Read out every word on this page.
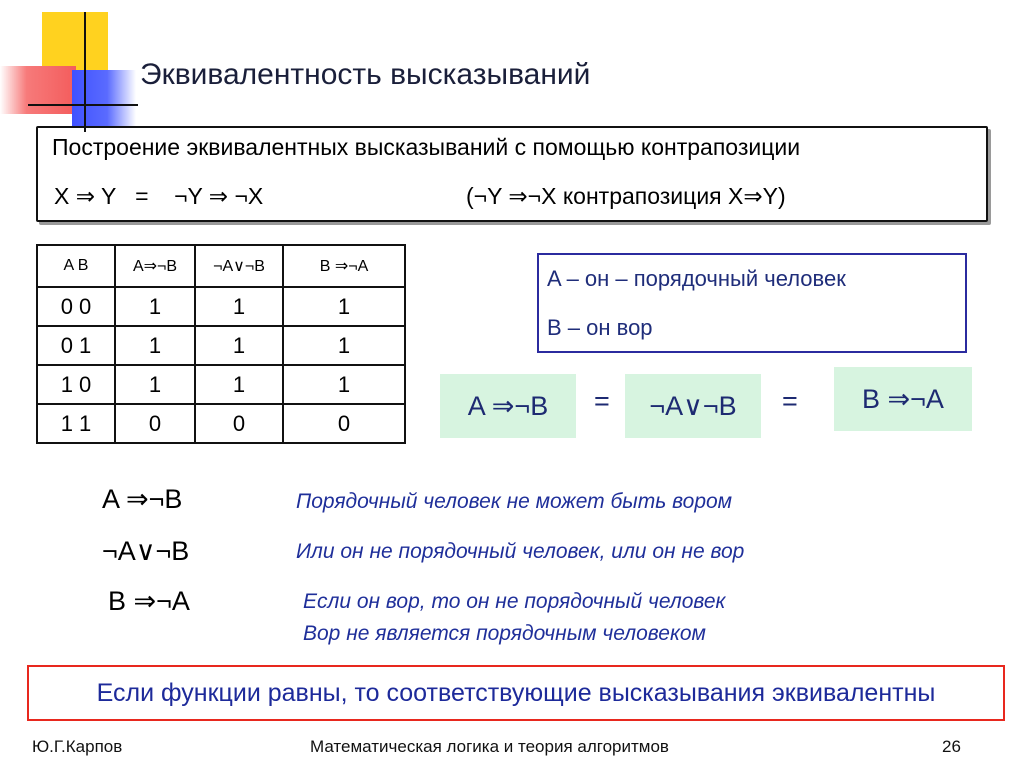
Эквивалентность высказываний
Построение эквивалентных высказываний с помощью контрапозиции
X ⇒ Y   =    ¬Y ⇒ ¬X	(¬Y ⇒¬X контрапозиция X⇒Y)
A B	A⇒¬B	¬A∨¬B	B ⇒¬A
0 0	1	1	1
0 1	1	1	1
1 0	1	1	1
1 1	0	0	0
A – он – порядочный человек
B – он вор
A ⇒¬B	=	¬A∨¬B	=	B ⇒¬A
A ⇒¬B	Порядочный человек не может быть вором
¬A∨¬B	Или он не порядочный человек, или он не вор
B ⇒¬A	Если он вор, то он не порядочный человек
Вор не является порядочным человеком
Если функции равны, то соответствующие высказывания эквивалентны
Ю.Г.Карпов	Математическая логика и теория алгоритмов	26
